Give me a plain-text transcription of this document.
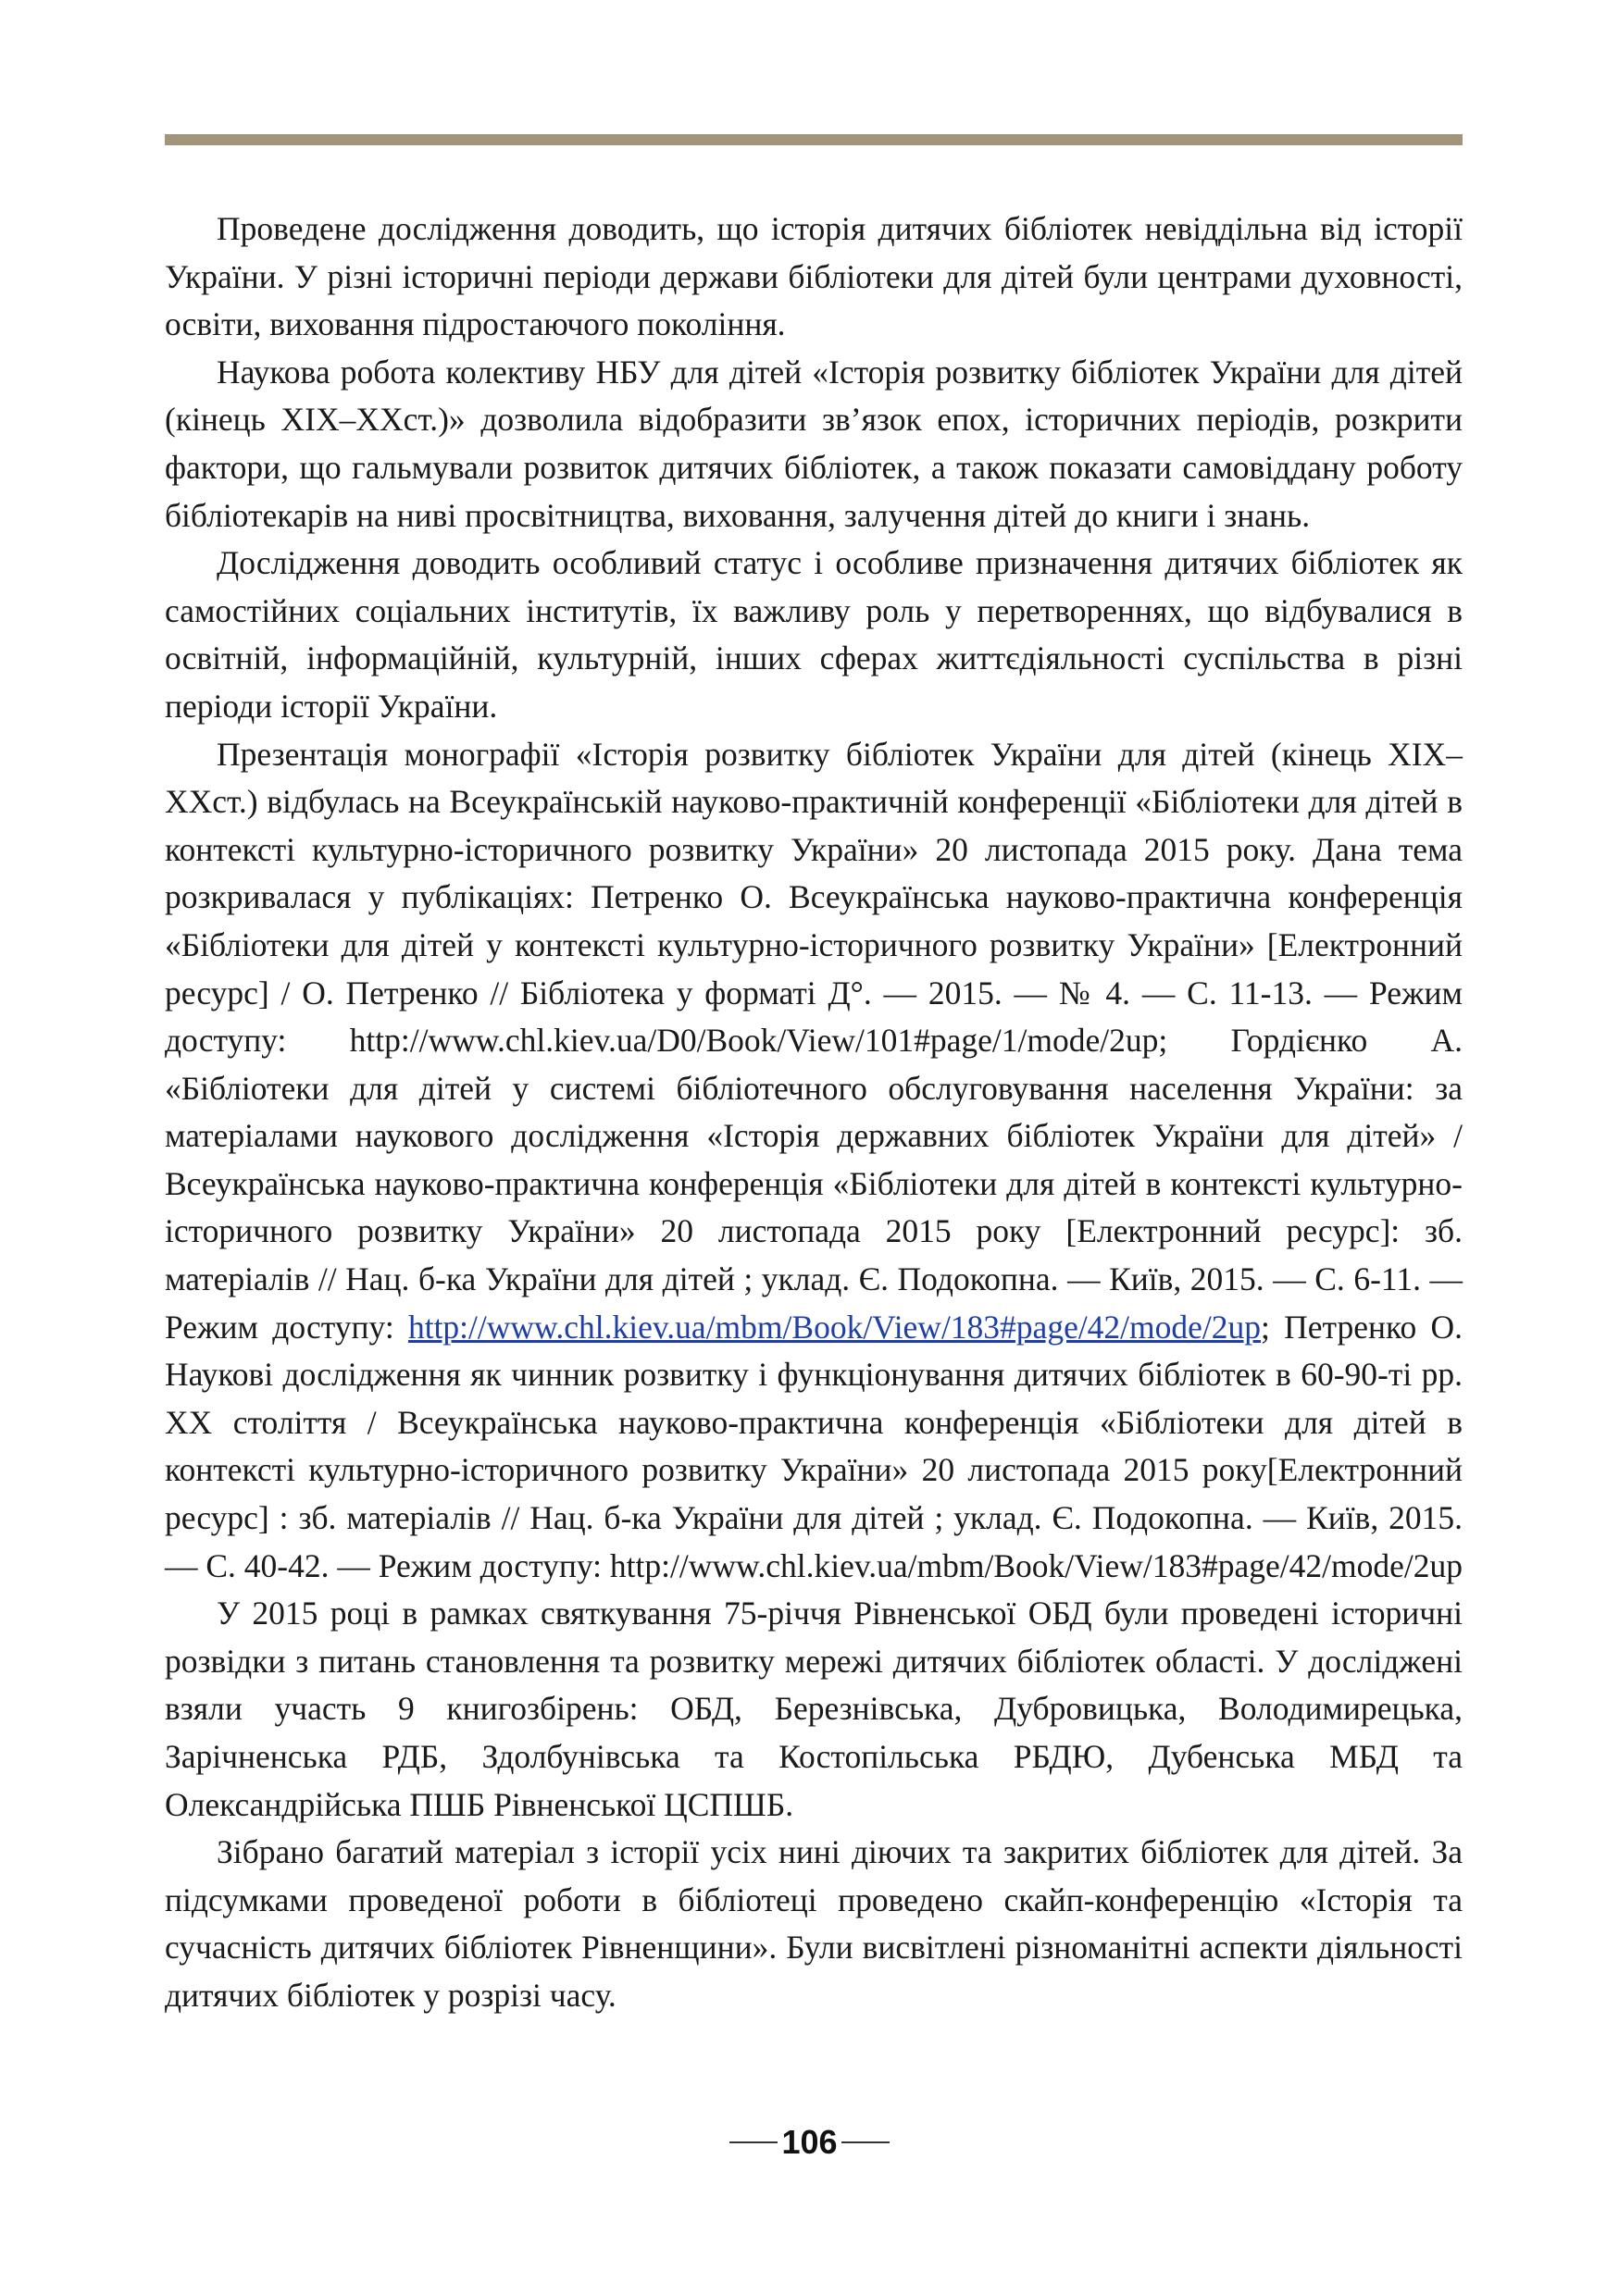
Проведене дослідження доводить, що історія дитячих бібліотек невіддільна від історії України. У різні історичні періоди держави бібліотеки для дітей були центрами духовності, освіти, виховання підростаючого покоління.

Наукова робота колективу НБУ для дітей «Історія розвитку бібліотек України для дітей (кінець ХІХ–ХХст.)» дозволила відобразити зв’язок епох, історичних періодів, розкрити фактори, що гальмували розвиток дитячих бібліотек, а також показати самовіддану роботу бібліотекарів на ниві просвітництва, виховання, залучення дітей до книги і знань.

Дослідження доводить особливий статус і особливе призначення дитячих бібліотек як самостійних соціальних інститутів, їх важливу роль у перетвореннях, що відбувалися в освітній, інформаційній, культурній, інших сферах життєдіяльності суспільства в різні періоди історії України.

Презентація монографії «Історія розвитку бібліотек України для дітей (кінець ХІХ–ХХст.) відбулась на Всеукраїнській науково-практичній конференції «Бібліотеки для дітей в контексті культурно-історичного розвитку України» 20 листопада 2015 року. Дана тема розкривалася у публікаціях: Петренко О. Всеукраїнська науково-практична конференція «Бібліотеки для дітей у контексті культурно-історичного розвитку України» [Електронний ресурс] / О. Петренко // Бібліотека у форматі Д°. — 2015. — № 4. — С. 11-13. — Режим доступу: http://www.chl.kiev.ua/D0/Book/View/101#page/1/mode/2up; Гордієнко А. «Бібліотеки для дітей у системі бібліотечного обслуговування населення України: за матеріалами наукового дослідження «Історія державних бібліотек України для дітей» / Всеукраїнська науково-практична конференція «Бібліотеки для дітей в контексті культурно-історичного розвитку України» 20 листопада 2015 року [Електронний ресурс]: зб. матеріалів // Нац. б-ка України для дітей ; уклад. Є. Подокопна. — Київ, 2015. — С. 6-11. — Режим доступу: http://www.chl.kiev.ua/mbm/Book/View/183#page/42/mode/2up; Петренко О. Наукові дослідження як чинник розвитку і функціонування дитячих бібліотек в 60-90-ті рр. ХХ століття / Всеукраїнська науково-практична конференція «Бібліотеки для дітей в контексті культурно-історичного розвитку України» 20 листопада 2015 року[Електронний ресурс] : зб. матеріалів // Нац. б-ка України для дітей ; уклад. Є. Подокопна. — Київ, 2015. — С. 40-42. — Режим доступу: http://www.chl.kiev.ua/mbm/Book/View/183#page/42/mode/2up

У 2015 році в рамках святкування 75-річчя Рівненської ОБД були проведені історичні розвідки з питань становлення та розвитку мережі дитячих бібліотек області. У досліджені взяли участь 9 книгозбірень: ОБД, Березнівська, Дубровицька, Володимирецька, Зарічненська РДБ, Здолбунівська та Костопільська РБДЮ, Дубенська МБД та Олександрійська ПШБ Рівненської ЦСПШБ.

Зібрано багатий матеріал з історії усіх нині діючих та закритих бібліотек для дітей. За підсумками проведеної роботи в бібліотеці проведено скайп-конференцію «Історія та сучасність дитячих бібліотек Рівненщини». Були висвітлені різноманітні аспекти діяльності дитячих бібліотек у розрізі часу.

106
